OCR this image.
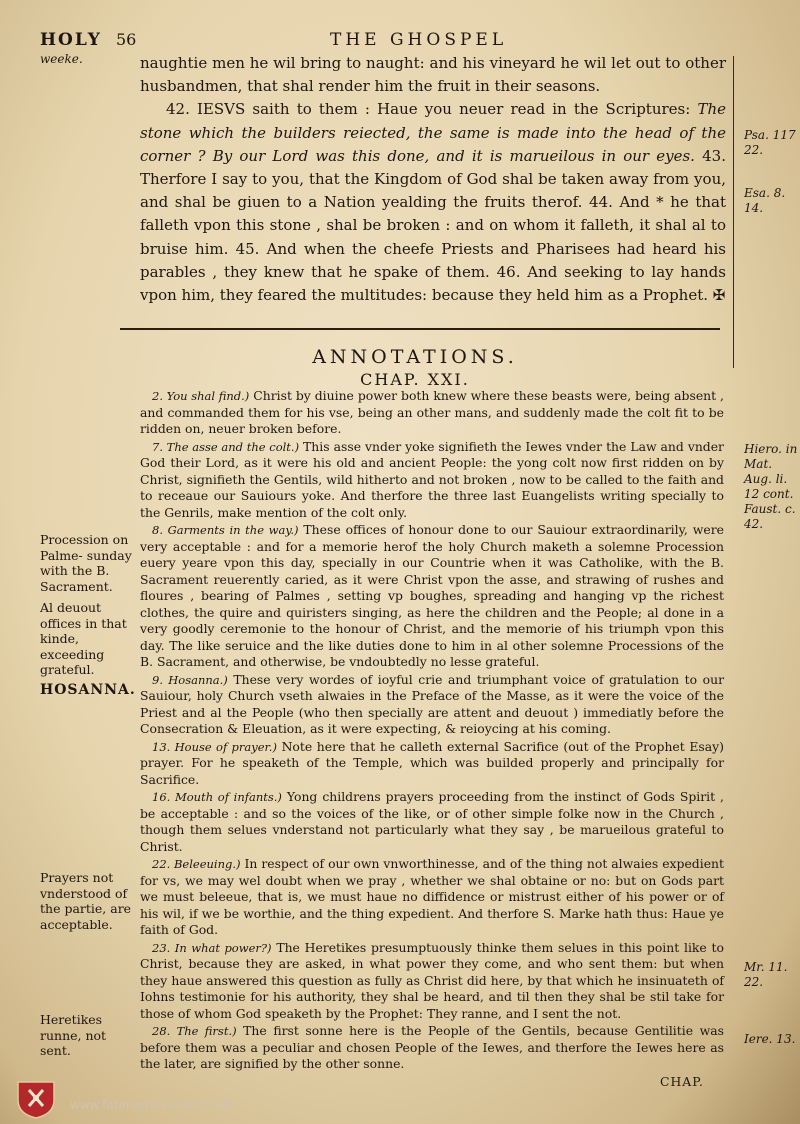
HOLY
weeke.
56	THE GHOSPEL

naughtie men he wil bring to naught: and his vineyard he wil let out to other husbandmen, that shal render him the fruit in their seasons.

42. IESVS saith to them : Haue you neuer read in the Scriptures: The stone which the builders reiected, the same is made into the head of the corner ? By our Lord was this done, and it is marueilous in our eyes. 43. Therfore I say to you, that the Kingdom of God shal be taken away from you, and shal be giuen to a Nation yealding the fruits therof. 44. And * he that falleth vpon this stone , shal be broken : and on whom it falleth, it shal al to bruise him. 45. And when the cheefe Priests and Pharisees had heard his parables , they knew that he spake of them. 46. And seeking to lay hands vpon him, they feared the multitudes: because they held him as a Prophet. ✠

Psa. 117 22.
Esa. 8. 14.
ANNOTATIONS.
CHAP. XXI.

2. You shal find.) Christ by diuine power both knew where these beasts were, being absent , and commanded them for his vse, being an other mans, and suddenly made the colt fit to be ridden on, neuer broken before.

7. The asse and the colt.) This asse vnder yoke signifieth the Iewes vnder the Law and vnder God their Lord, as it were his old and ancient People: the yong colt now first ridden on by Christ, signifieth the Gentils, wild hitherto and not broken , now to be called to the faith and to receaue our Sauiours yoke. And therfore the three last Euangelists writing specially to the Genrils, make mention of the colt only.

8. Garments in the way.) These offices of honour done to our Sauiour extraordinarily, were very acceptable : and for a memorie herof the holy Church maketh a solemne Procession euery yeare vpon this day, specially in our Countrie when it was Catholike, with the B. Sacrament reuerently caried, as it were Christ vpon the asse, and strawing of rushes and floures , bearing of Palmes , setting vp boughes, spreading and hanging vp the richest clothes, the quire and quiristers singing, as here the children and the People; al done in a very goodly ceremonie to the honour of Christ, and the memorie of his triumph vpon this day. The like seruice and the like duties done to him in al other solemne Processions of the B. Sacrament, and otherwise, be vndoubtedly no lesse grateful.

9. Hosanna.) These very wordes of ioyful crie and triumphant voice of gratulation to our Sauiour, holy Church vseth alwaies in the Preface of the Masse, as it were the voice of the Priest and al the People (who then specially are attent and deuout ) immediatly before the Consecration & Eleuation, as it were expecting, & reioycing at his coming.

13. House of prayer.) Note here that he calleth external Sacrifice (out of the Prophet Esay) prayer. For he speaketh of the Temple, which was builded properly and principally for Sacrifice.

16. Mouth of infants.) Yong childrens prayers proceeding from the instinct of Gods Spirit , be acceptable : and so the voices of the like, or of other simple folke now in the Church , though them selues vnderstand not particularly what they say , be marueilous grateful to Christ.

22. Beleeuing.) In respect of our own vnworthinesse, and of the thing not alwaies expedient for vs, we may wel doubt when we pray , whether we shal obtaine or no: but on Gods part we must beleeue, that is, we must haue no diffidence or mistrust either of his power or of his wil, if we be worthie, and the thing expedient. And therfore S. Marke hath thus: Haue ye faith of God.

23. In what power?) The Heretikes presumptuously thinke them selues in this point like to Christ, because they are asked, in what power they come, and who sent them: but when they haue answered this question as fully as Christ did here, by that which he insinuateth of Iohns testimonie for his authority, they shal be heard, and til then they shal be stil take for those of whom God speaketh by the Prophet: They ranne, and I sent the not.

28. The first.) The first sonne here is the People of the Gentils, because Gentilitie was before them was a peculiar and chosen People of the Iewes, and therfore the Iewes here as the later, are signified by the other sonne.

CHAP.

Hiero. in Mat. Aug. li. 12 cont. Faust. c. 42.
Mr. 11. 22.
Iere. 13.
Procession on Palme- sunday with the B. Sacrament.
Al deuout offices in that kinde, exceeding grateful.
HOSANNA.
Prayers not vnderstood of the partie, are acceptable.
Heretikes runne, not sent.
www.fatimamovement.com
